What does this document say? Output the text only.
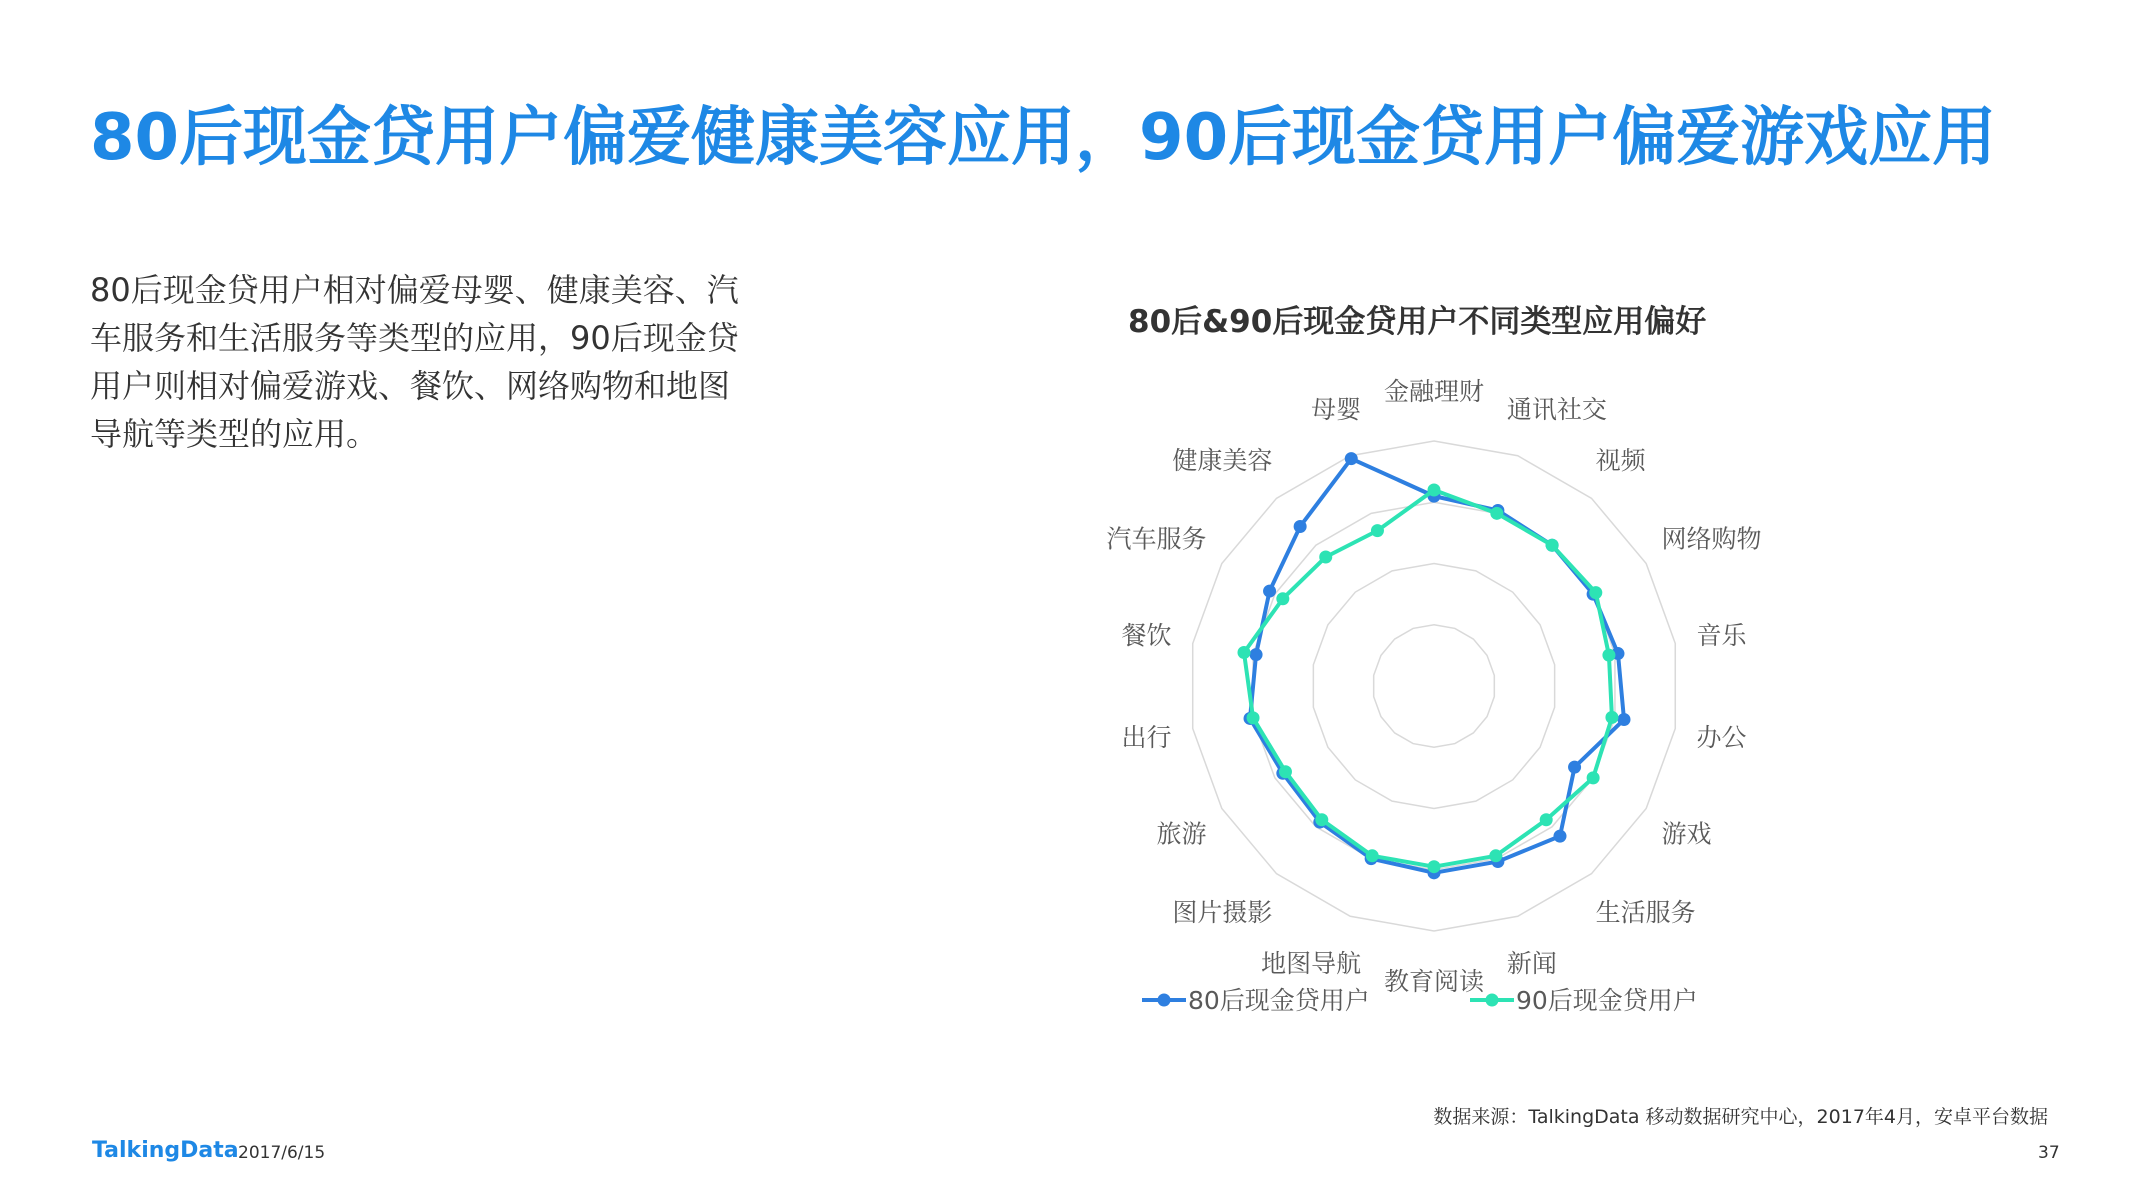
80后现金贷用户偏爱健康美容应用，90后现金贷用户偏爱游戏应用
80后现金贷用户相对偏爱母婴、健康美容、汽车服务和生活服务等类型的应用，90后现金贷用户则相对偏爱游戏、餐饮、网络购物和地图导航等类型的应用。
80后&90后现金贷用户不同类型应用偏好
金融理财
通讯社交
视频
网络购物
音乐
办公
游戏
生活服务
新闻
教育阅读
地图导航
图片摄影
旅游
出行
餐饮
汽车服务
健康美容
母婴
80后现金贷用户	90后现金贷用户
数据来源：TalkingData 移动数据研究中心，2017年4月，安卓平台数据
TalkingData 2017/6/15	37
